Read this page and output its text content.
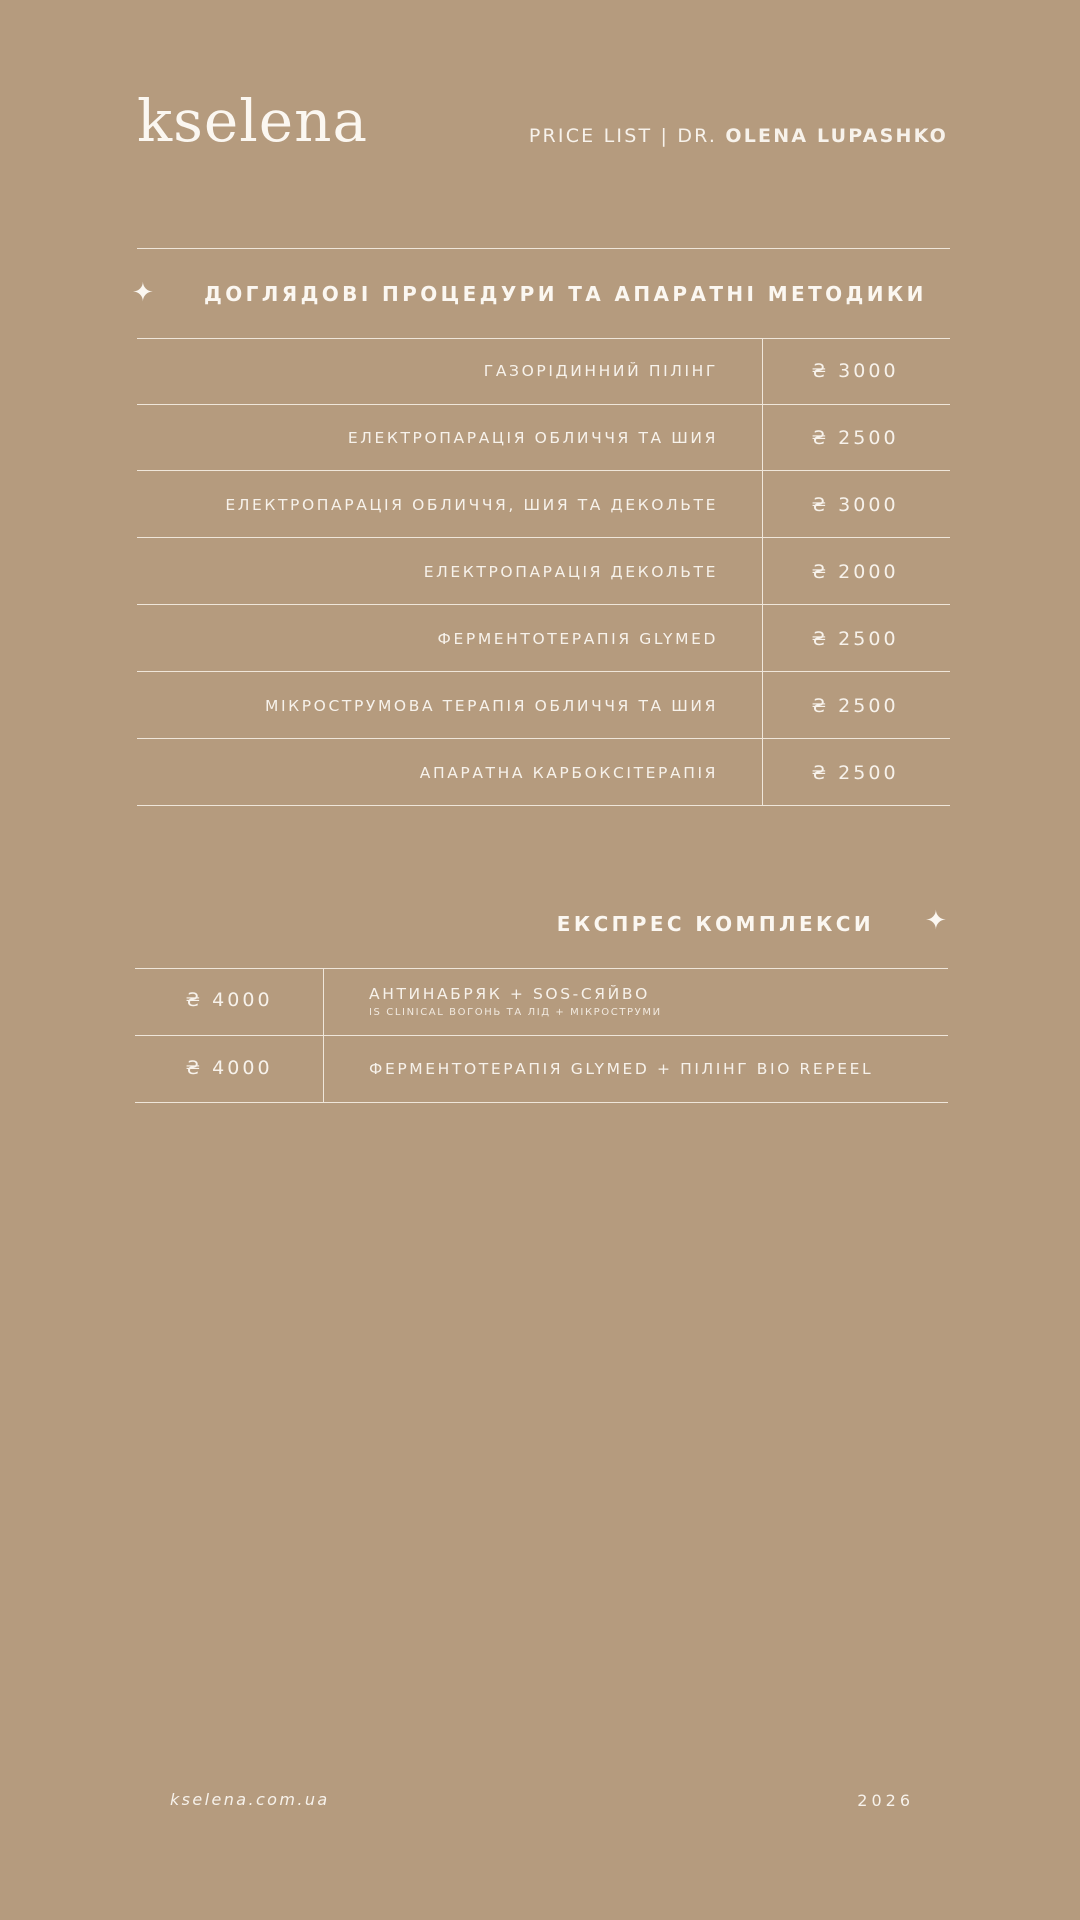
kselena	PRICE LIST | DR. OLENA LUPASHKO
✦	ДОГЛЯДОВІ ПРОЦЕДУРИ ТА АПАРАТНІ МЕТОДИКИ
ГАЗОРІДИННИЙ ПІЛІНГ	₴ 3000
ЕЛЕКТРОПАРАЦІЯ ОБЛИЧЧЯ ТА ШИЯ	₴ 2500
ЕЛЕКТРОПАРАЦІЯ ОБЛИЧЧЯ, ШИЯ ТА ДЕКОЛЬТЕ	₴ 3000
ЕЛЕКТРОПАРАЦІЯ ДЕКОЛЬТЕ	₴ 2000
ФЕРМЕНТОТЕРАПІЯ GLYMED	₴ 2500
МІКРОСТРУМОВА ТЕРАПІЯ ОБЛИЧЧЯ ТА ШИЯ	₴ 2500
АПАРАТНА КАРБОКСІТЕРАПІЯ	₴ 2500
ЕКСПРЕС КОМПЛЕКСИ ✦
₴ 4000	АНТИНАБРЯК + SOS-СЯЙВО
IS CLINICAL ВОГОНЬ ТА ЛІД + МІКРОСТРУМИ
₴ 4000	ФЕРМЕНТОТЕРАПІЯ GLYMED + ПІЛІНГ BIO REPEEL
kselena.com.ua	2026
